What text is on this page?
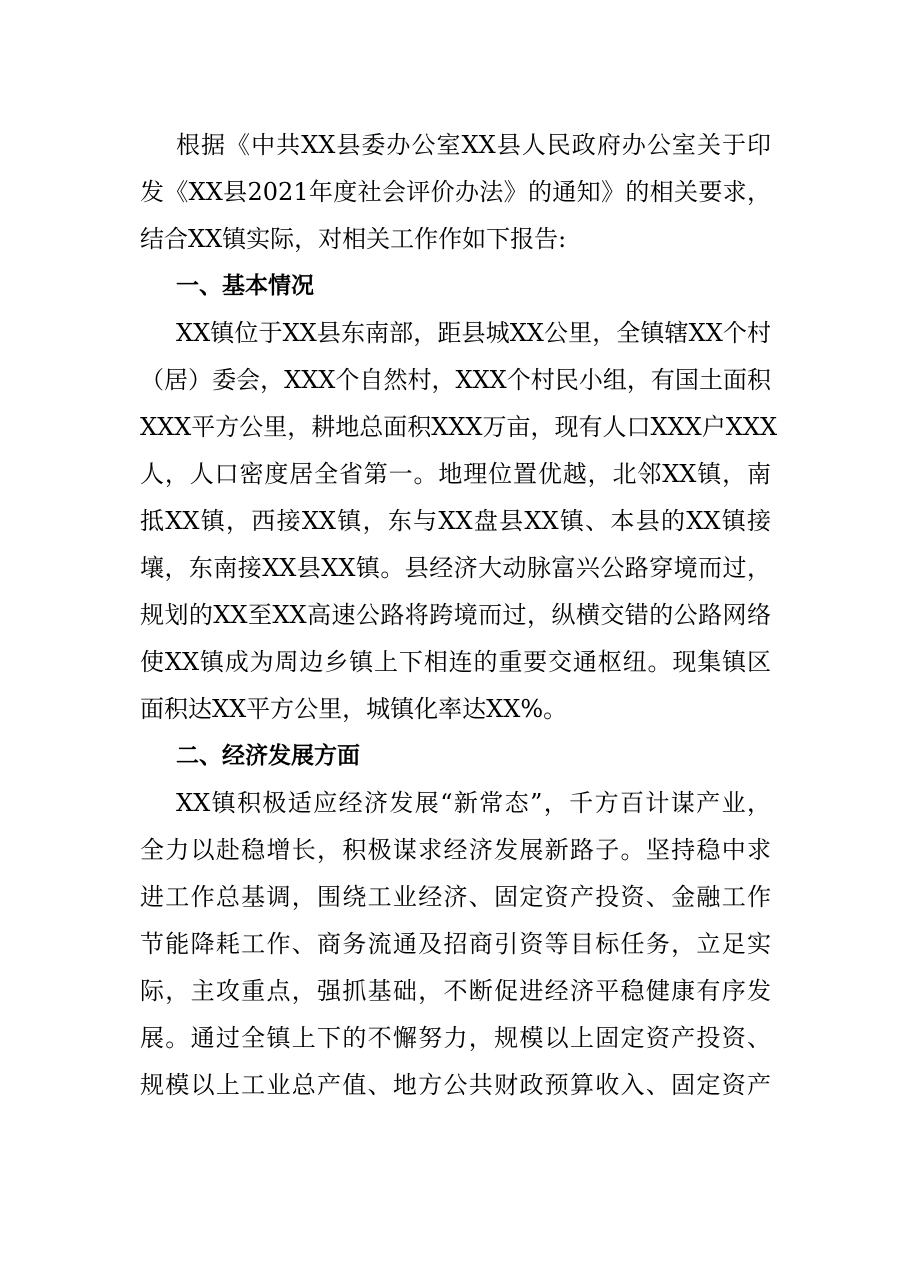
根据《中共XX县委办公室XX县人民政府办公室关于印
发《XX县2021年度社会评价办法》的通知》的相关要求，
结合XX镇实际，对相关工作作如下报告:
一、基本情况
XX镇位于XX县东南部，距县城XX公里，全镇辖XX个村
（居）委会，XXX个自然村，XXX个村民小组，有国土面积
XXX平方公里，耕地总面积XXX万亩，现有人口XXX户XXX
人，人口密度居全省第一。地理位置优越，北邻XX镇，南
抵XX镇，西接XX镇，东与XX盘县XX镇、本县的XX镇接
壤，东南接XX县XX镇。县经济大动脉富兴公路穿境而过，
规划的XX至XX高速公路将跨境而过，纵横交错的公路网络
使XX镇成为周边乡镇上下相连的重要交通枢纽。现集镇区
面积达XX平方公里，城镇化率达XX%。
二、经济发展方面
XX镇积极适应经济发展“新常态”，千方百计谋产业，
全力以赴稳增长，积极谋求经济发展新路子。坚持稳中求
进工作总基调，围绕工业经济、固定资产投资、金融工作
节能降耗工作、商务流通及招商引资等目标任务，立足实
际，主攻重点，强抓基础，不断促进经济平稳健康有序发
展。通过全镇上下的不懈努力，规模以上固定资产投资、
规模以上工业总产值、地方公共财政预算收入、固定资产
